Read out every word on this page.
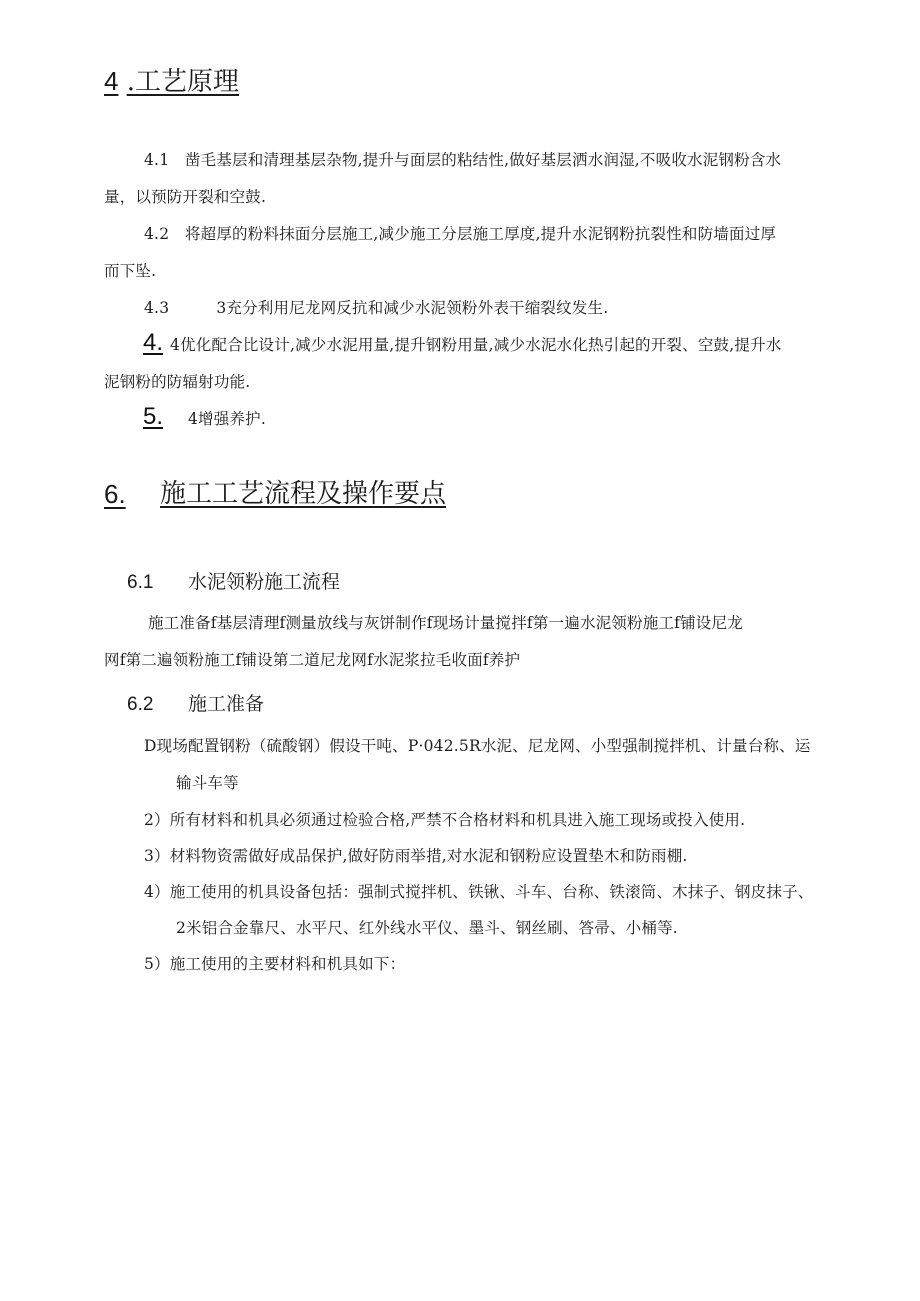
4 .工艺原理
4.1　凿毛基层和清理基层杂物,提升与面层的粘结性,做好基层洒水润湿,不吸收水泥钢粉含水
量，以预防开裂和空鼓.
4.2　将超厚的粉料抹面分层施工,减少施工分层施工厚度,提升水泥钢粉抗裂性和防墙面过厚
而下坠.
4.3　　　3充分利用尼龙网反抗和减少水泥领粉外表干缩裂纹发生.
4. 4优化配合比设计,减少水泥用量,提升钢粉用量,减少水泥水化热引起的开裂、空鼓,提升水
泥钢粉的防辐射功能.
5. 4增强养护.
6. 施工工艺流程及操作要点
6.1 水泥领粉施工流程
施工准备f基层清理f测量放线与灰饼制作f现场计量搅拌f第一遍水泥领粉施工f铺设尼龙
网f第二遍领粉施工f铺设第二道尼龙网f水泥浆拉毛收面f养护
6.2 施工准备
D现场配置钢粉（硫酸钢）假设干吨、P·042.5R水泥、尼龙网、小型强制搅拌机、计量台称、运
输斗车等
2）所有材料和机具必须通过检验合格,严禁不合格材料和机具进入施工现场或投入使用.
3）材料物资需做好成品保护,做好防雨举措,对水泥和钢粉应设置垫木和防雨棚.
4）施工使用的机具设备包括：强制式搅拌机、铁锹、斗车、台称、铁滚筒、木抹子、钢皮抹子、
2米铝合金靠尺、水平尺、红外线水平仪、墨斗、钢丝刷、答帚、小桶等.
5）施工使用的主要材料和机具如下：
